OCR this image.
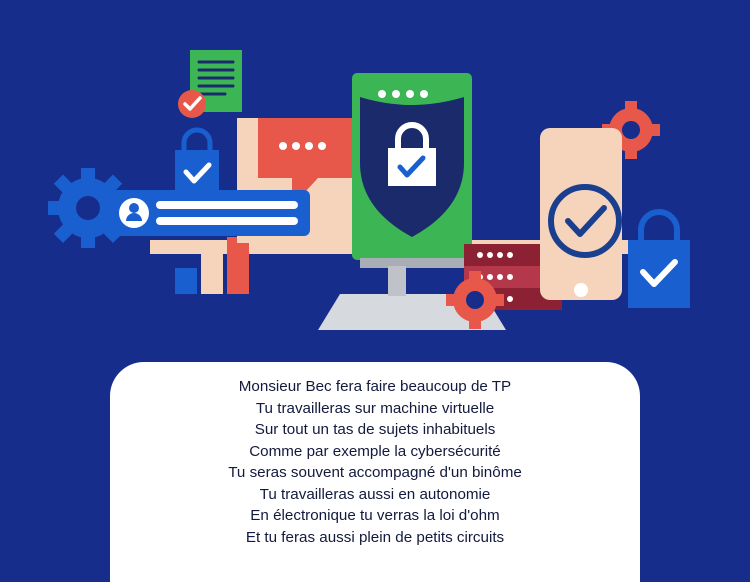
Monsieur Bec fera faire beaucoup de TP

Tu travailleras sur machine virtuelle

Sur tout un tas de sujets inhabituels

Comme par exemple la cybersécurité

Tu seras souvent accompagné d'un binôme

Tu travailleras aussi en autonomie

En électronique tu verras la loi d'ohm

Et tu feras aussi plein de petits circuits
